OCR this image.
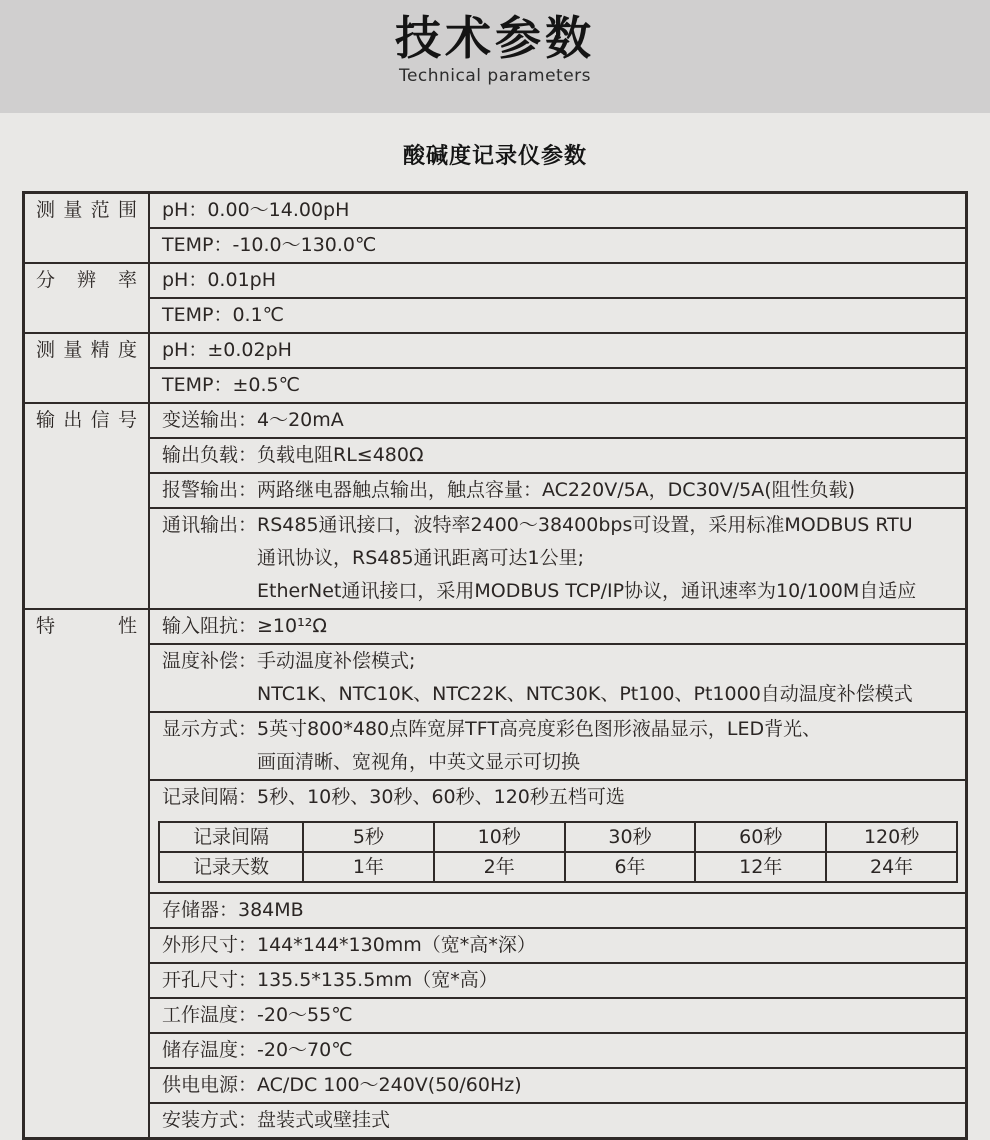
技术参数
Technical parameters
酸碱度记录仪参数
测量范围	pH：0.00～14.00pH

TEMP：-10.0～130.0℃

分辨率	pH：0.01pH

TEMP：0.1℃

测量精度	pH：±0.02pH

TEMP：±0.5℃

输出信号	变送输出：4～20mA

输出负载：负载电阻RL≤480Ω

报警输出：两路继电器触点输出，触点容量：AC220V/5A，DC30V/5A(阻性负载)

通讯输出：RS485通讯接口，波特率2400～38400bps可设置，采用标准MODBUS RTU
通讯协议，RS485通讯距离可达1公里;
EtherNet通讯接口，采用MODBUS TCP/IP协议，通讯速率为10/100M自适应

特性	输入阻抗：≥10¹²Ω

温度补偿：手动温度补偿模式;
NTC1K、NTC10K、NTC22K、NTC30K、Pt100、Pt1000自动温度补偿模式

显示方式：5英寸800*480点阵宽屏TFT高亮度彩色图形液晶显示，LED背光、
画面清晰、宽视角，中英文显示可切换

记录间隔：5秒、10秒、30秒、60秒、120秒五档可选
记录间隔	5秒	10秒	30秒	60秒	120秒
记录天数	1年	2年	6年	12年	24年

存储器：384MB

外形尺寸：144*144*130mm（宽*高*深）

开孔尺寸：135.5*135.5mm（宽*高）

工作温度：-20～55℃

储存温度：-20～70℃

供电电源：AC/DC 100～240V(50/60Hz)

安装方式：盘装式或壁挂式
